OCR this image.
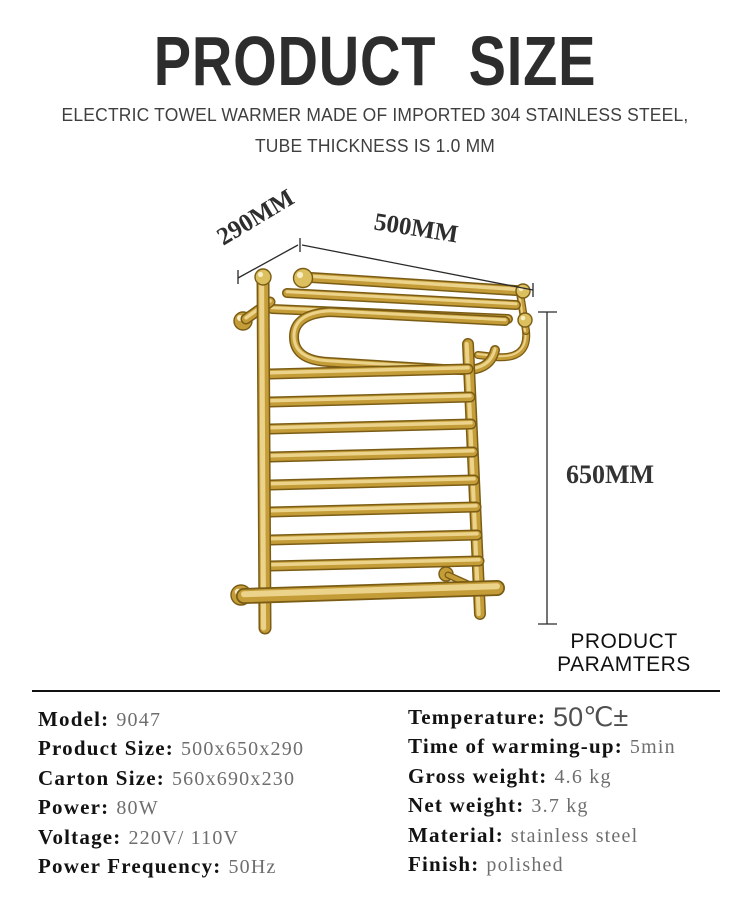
PRODUCT SIZE
ELECTRIC TOWEL WARMER MADE OF IMPORTED 304 STAINLESS STEEL,
TUBE THICKNESS IS 1.0 MM
290MM	500MM
650MM
PRODUCT
PARAMTERS
Model: 9047
Product Size: 500x650x290
Carton Size: 560x690x230
Power: 80W
Voltage: 220V/ 110V
Power Frequency: 50Hz
Temperature: 50℃±
Time of warming-up: 5min
Gross weight: 4.6 kg
Net weight: 3.7 kg
Material: stainless steel
Finish: polished
